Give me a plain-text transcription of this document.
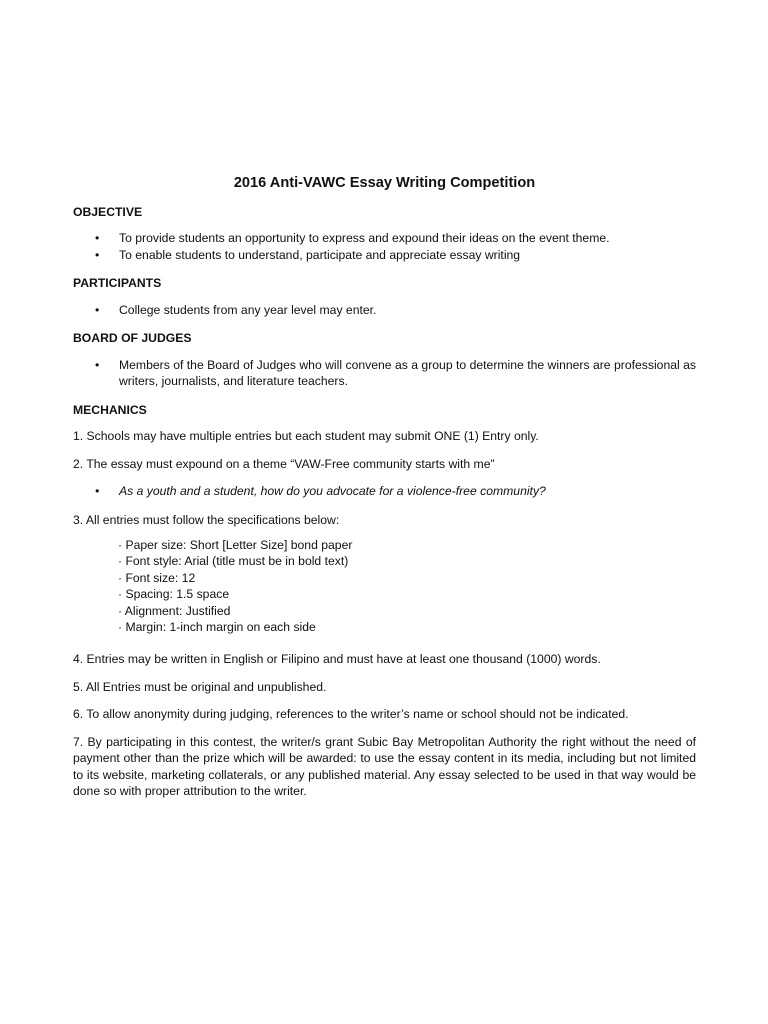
2016 Anti-VAWC Essay Writing Competition
OBJECTIVE
• To provide students an opportunity to express and expound their ideas on the event theme.
• To enable students to understand, participate and appreciate essay writing
PARTICIPANTS
• College students from any year level may enter.
BOARD OF JUDGES
• Members of the Board of Judges who will convene as a group to determine the winners are professional as writers, journalists, and literature teachers.
MECHANICS
1. Schools may have multiple entries but each student may submit ONE (1) Entry only.
2. The essay must expound on a theme “VAW-Free community starts with me”
• As a youth and a student, how do you advocate for a violence-free community?
3. All entries must follow the specifications below:
· Paper size: Short [Letter Size] bond paper
· Font style: Arial (title must be in bold text)
· Font size: 12
· Spacing: 1.5 space
· Alignment: Justified
· Margin: 1-inch margin on each side
4. Entries may be written in English or Filipino and must have at least one thousand (1000) words.
5. All Entries must be original and unpublished.
6. To allow anonymity during judging, references to the writer’s name or school should not be indicated.
7. By participating in this contest, the writer/s grant Subic Bay Metropolitan Authority the right without the need of payment other than the prize which will be awarded: to use the essay content in its media, including but not limited to its website, marketing collaterals, or any published material. Any essay selected to be used in that way would be done so with proper attribution to the writer.
